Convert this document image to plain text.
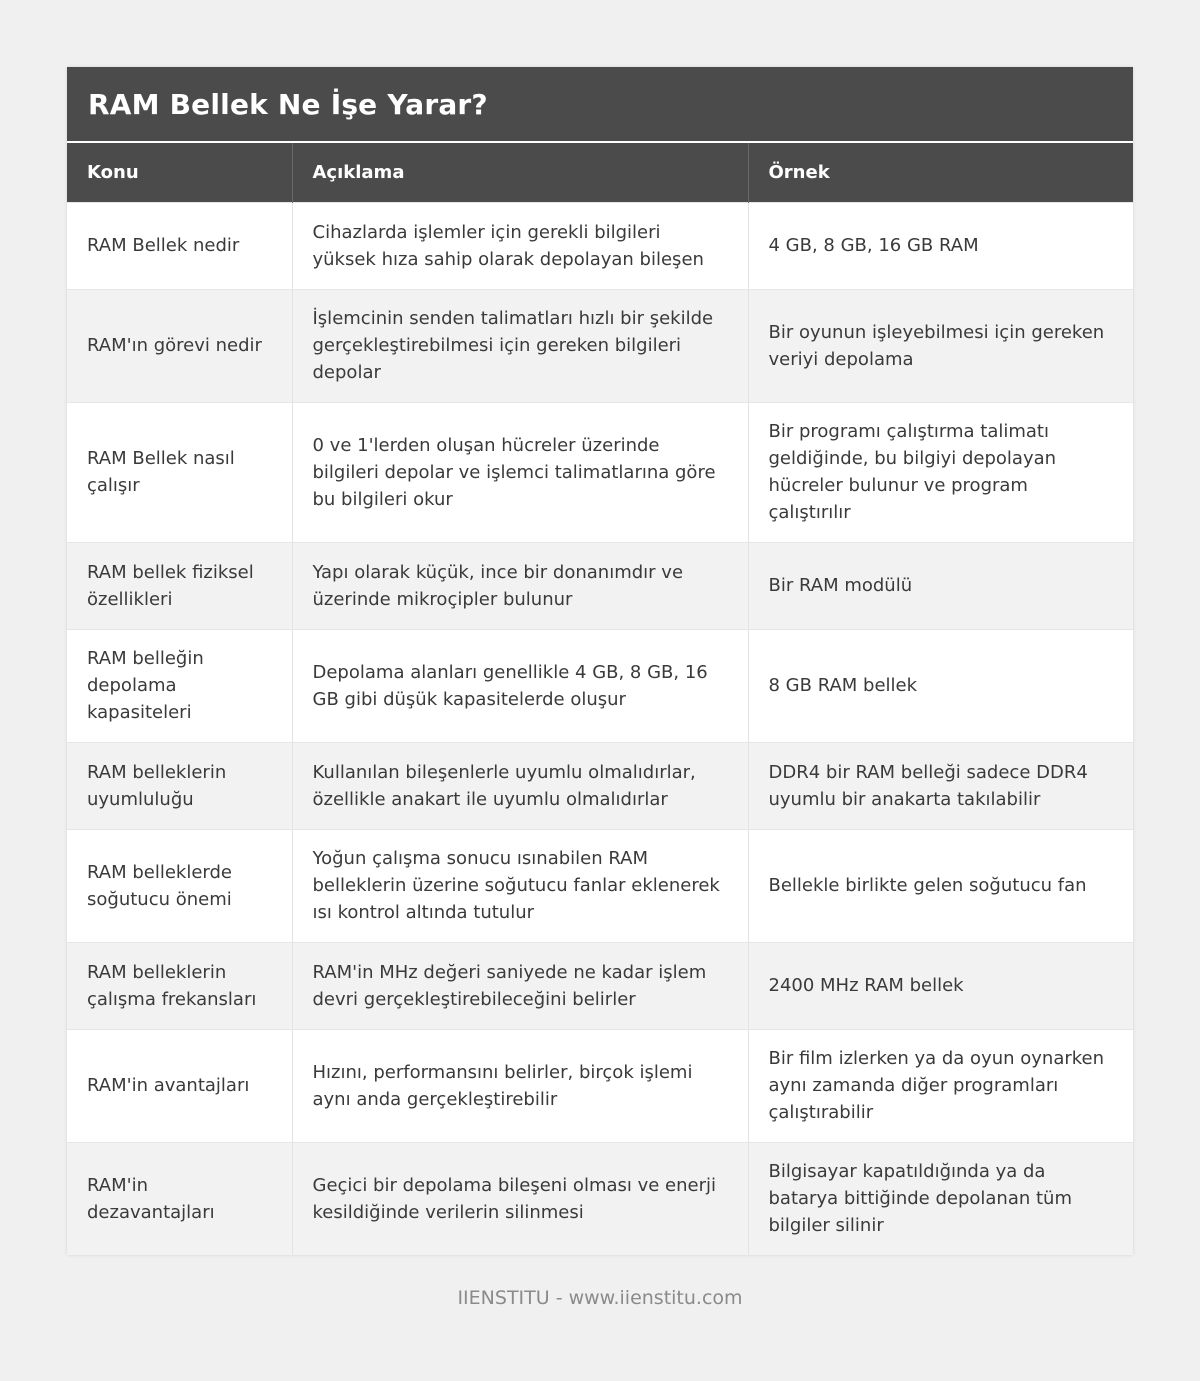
RAM Bellek Ne İşe Yarar?
Konu	Açıklama	Örnek
RAM Bellek nedir	Cihazlarda işlemler için gerekli bilgileri yüksek hıza sahip olarak depolayan bileşen	4 GB, 8 GB, 16 GB RAM
RAM'ın görevi nedir	İşlemcinin senden talimatları hızlı bir şekilde gerçekleştirebilmesi için gereken bilgileri depolar	Bir oyunun işleyebilmesi için gereken veriyi depolama
RAM Bellek nasıl çalışır	0 ve 1'lerden oluşan hücreler üzerinde bilgileri depolar ve işlemci talimatlarına göre bu bilgileri okur	Bir programı çalıştırma talimatı geldiğinde, bu bilgiyi depolayan hücreler bulunur ve program çalıştırılır
RAM bellek fiziksel özellikleri	Yapı olarak küçük, ince bir donanımdır ve üzerinde mikroçipler bulunur	Bir RAM modülü
RAM belleğin depolama kapasiteleri	Depolama alanları genellikle 4 GB, 8 GB, 16 GB gibi düşük kapasitelerde oluşur	8 GB RAM bellek
RAM belleklerin uyumluluğu	Kullanılan bileşenlerle uyumlu olmalıdırlar, özellikle anakart ile uyumlu olmalıdırlar	DDR4 bir RAM belleği sadece DDR4 uyumlu bir anakarta takılabilir
RAM belleklerde soğutucu önemi	Yoğun çalışma sonucu ısınabilen RAM belleklerin üzerine soğutucu fanlar eklenerek ısı kontrol altında tutulur	Bellekle birlikte gelen soğutucu fan
RAM belleklerin çalışma frekansları	RAM'in MHz değeri saniyede ne kadar işlem devri gerçekleştirebileceğini belirler	2400 MHz RAM bellek
RAM'in avantajları	Hızını, performansını belirler, birçok işlemi aynı anda gerçekleştirebilir	Bir film izlerken ya da oyun oynarken aynı zamanda diğer programları çalıştırabilir
RAM'in dezavantajları	Geçici bir depolama bileşeni olması ve enerji kesildiğinde verilerin silinmesi	Bilgisayar kapatıldığında ya da batarya bittiğinde depolanan tüm bilgiler silinir
IIENSTITU - www.iienstitu.com
